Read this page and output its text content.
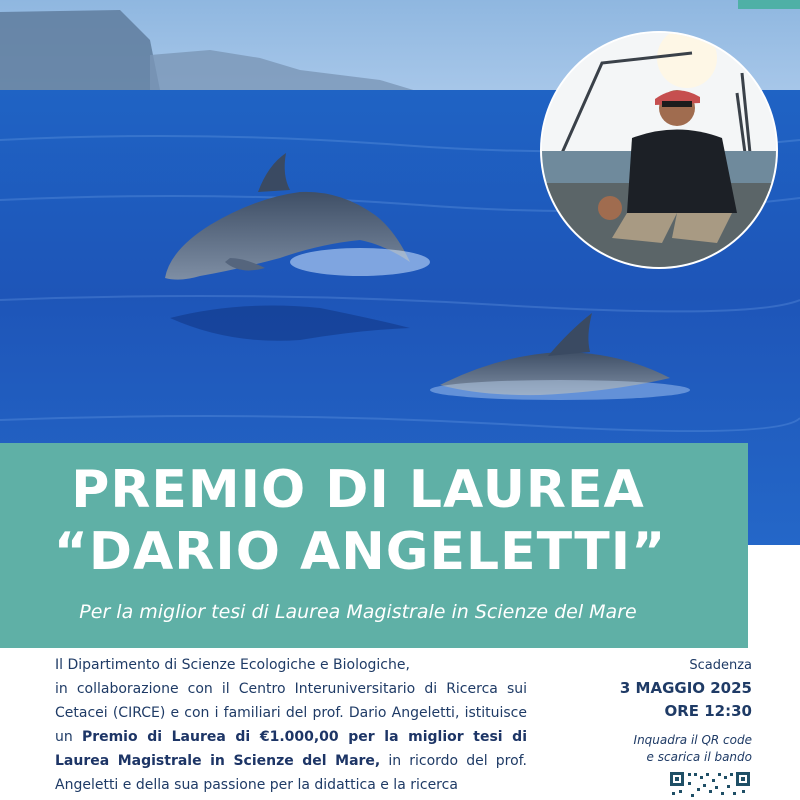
PREMIO DI LAUREA
“DARIO ANGELETTI”
Per la miglior tesi di Laurea Magistrale in Scienze del Mare

Il Dipartimento di Scienze Ecologiche e Biologiche,

in collaborazione con il Centro Interuniversitario di Ricerca sui Cetacei (CIRCE) e con i familiari del prof. Dario Angeletti, istituisce un Premio di Laurea di €1.000,00 per la miglior tesi di Laurea Magistrale in Scienze del Mare, in ricordo del prof. Angeletti e della sua passione per la didattica e la ricerca

Scadenza
3 MAGGIO 2025
ORE 12:30
Inquadra il QR code
e scarica il bando
